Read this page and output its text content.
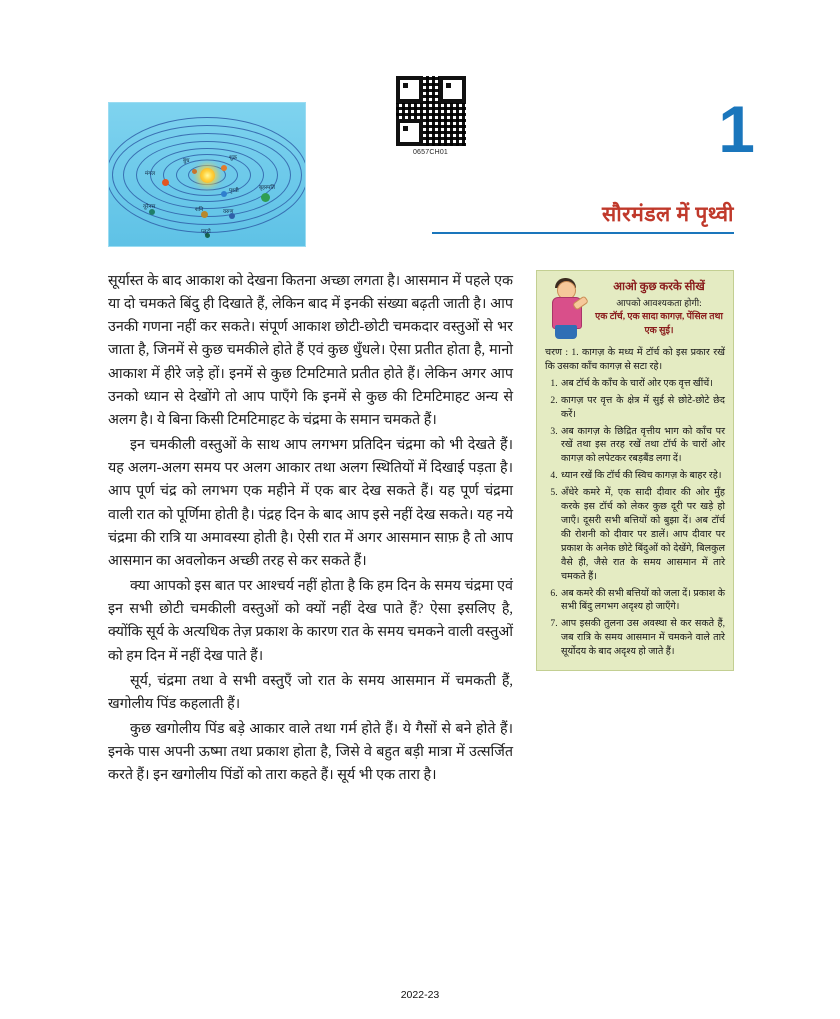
बुध	शुक्र
मंगल
पृथ्वी	बृहस्पति
शनि
यूरेनस
वरुण
प्लूटो
0657CH01	1
सौरमंडल में पृथ्वी

सूर्यास्त के बाद आकाश को देखना कितना अच्छा लगता है। आसमान में पहले एक या दो चमकते बिंदु ही दिखाते हैं, लेकिन बाद में इनकी संख्या बढ़ती जाती है। आप उनकी गणना नहीं कर सकते। संपूर्ण आकाश छोटी-छोटी चमकदार वस्तुओं से भर जाता है, जिनमें से कुछ चमकीले होते हैं एवं कुछ धुँधले। ऐसा प्रतीत होता है, मानो आकाश में हीरे जड़े हों। इनमें से कुछ टिमटिमाते प्रतीत होते हैं। लेकिन अगर आप उनको ध्यान से देखोंगे तो आप पाएँगे कि इनमें से कुछ की टिमटिमाहट अन्य से अलग है। ये बिना किसी टिमटिमाहट के चंद्रमा के समान चमकते हैं।

इन चमकीली वस्तुओं के साथ आप लगभग प्रतिदिन चंद्रमा को भी देखते हैं। यह अलग-अलग समय पर अलग आकार तथा अलग स्थितियों में दिखाई पड़ता है। आप पूर्ण चंद्र को लगभग एक महीने में एक बार देख सकते हैं। यह पूर्ण चंद्रमा वाली रात को पूर्णिमा होती है। पंद्रह दिन के बाद आप इसे नहीं देख सकते। यह नये चंद्रमा की रात्रि या अमावस्या होती है। ऐसी रात में अगर आसमान साफ़ है तो आप आसमान का अवलोकन अच्छी तरह से कर सकते हैं।

क्या आपको इस बात पर आश्चर्य नहीं होता है कि हम दिन के समय चंद्रमा एवंं इन सभी छोटी चमकीली वस्तुओं को क्यों नहीं देख पाते हैं? ऐसा इसलिए है, क्योंकि सूर्य के अत्यधिक तेज़ प्रकाश के कारण रात के समय चमकने वाली वस्तुओं को हम दिन में नहीं देख पाते हैं।

सूर्य, चंद्रमा तथा वे सभी वस्तुएँ जो रात के समय आसमान में चमकती हैं, खगोलीय पिंड कहलाती हैं।

कुछ खगोलीय पिंड बड़े आकार वाले तथा गर्म होते हैं। ये गैसों से बने होते हैं। इनके पास अपनी ऊष्मा तथा प्रकाश होता है, जिसे वे बहुत बड़ी मात्रा में उत्सर्जित करते हैं। इन खगोलीय पिंडों को तारा कहते हैं। सूर्य भी एक तारा है।

आओ कुछ करके सीखें
आपको आवश्यकता होगी:
एक टॉर्च, एक सादा कागज़, पेंसिल तथा एक सुई।
चरण : 1. कागज़ के मध्य में टॉर्च को इस प्रकार रखें कि उसका काँच कागज़ से सटा रहे।
1. अब टॉर्च के काँच के चारों ओर एक वृत्त खींचें।
2. कागज़ पर वृत्त के क्षेत्र में सुई से छोटे-छोटे छेद करें।
3. अब कागज़ के छिद्रित वृत्तीय भाग को काँच पर रखें तथा इस तरह रखें तथा टॉर्च के चारों ओर कागज़ को लपेटकर रबड़बैंड लगा दें।
4. ध्यान रखें कि टॉर्च की स्विच कागज़ के बाहर रहे।
5. अँधेरे कमरे में, एक सादी दीवार की ओर मुँह करके इस टॉर्च को लेकर कुछ दूरी पर खड़े हो जाएँ। दूसरी सभी बत्तियों को बुझा दें। अब टॉर्च की रोशनी को दीवार पर डालें। आप दीवार पर प्रकाश के अनेक छोटे बिंदुओं को देखेंगे, बिलकुल वैसे ही, जैसे रात के समय आसमान में तारे चमकते हैं।
6. अब कमरे की सभी बत्तियों को जला दें। प्रकाश के सभी बिंदु लगभग अदृश्य हो जाएँगे।
7. आप इसकी तुलना उस अवस्था से कर सकते हैं, जब रात्रि के समय आसमान में चमकने वाले तारे सूर्योदय के बाद अदृश्य हो जाते हैं।
2022-23
